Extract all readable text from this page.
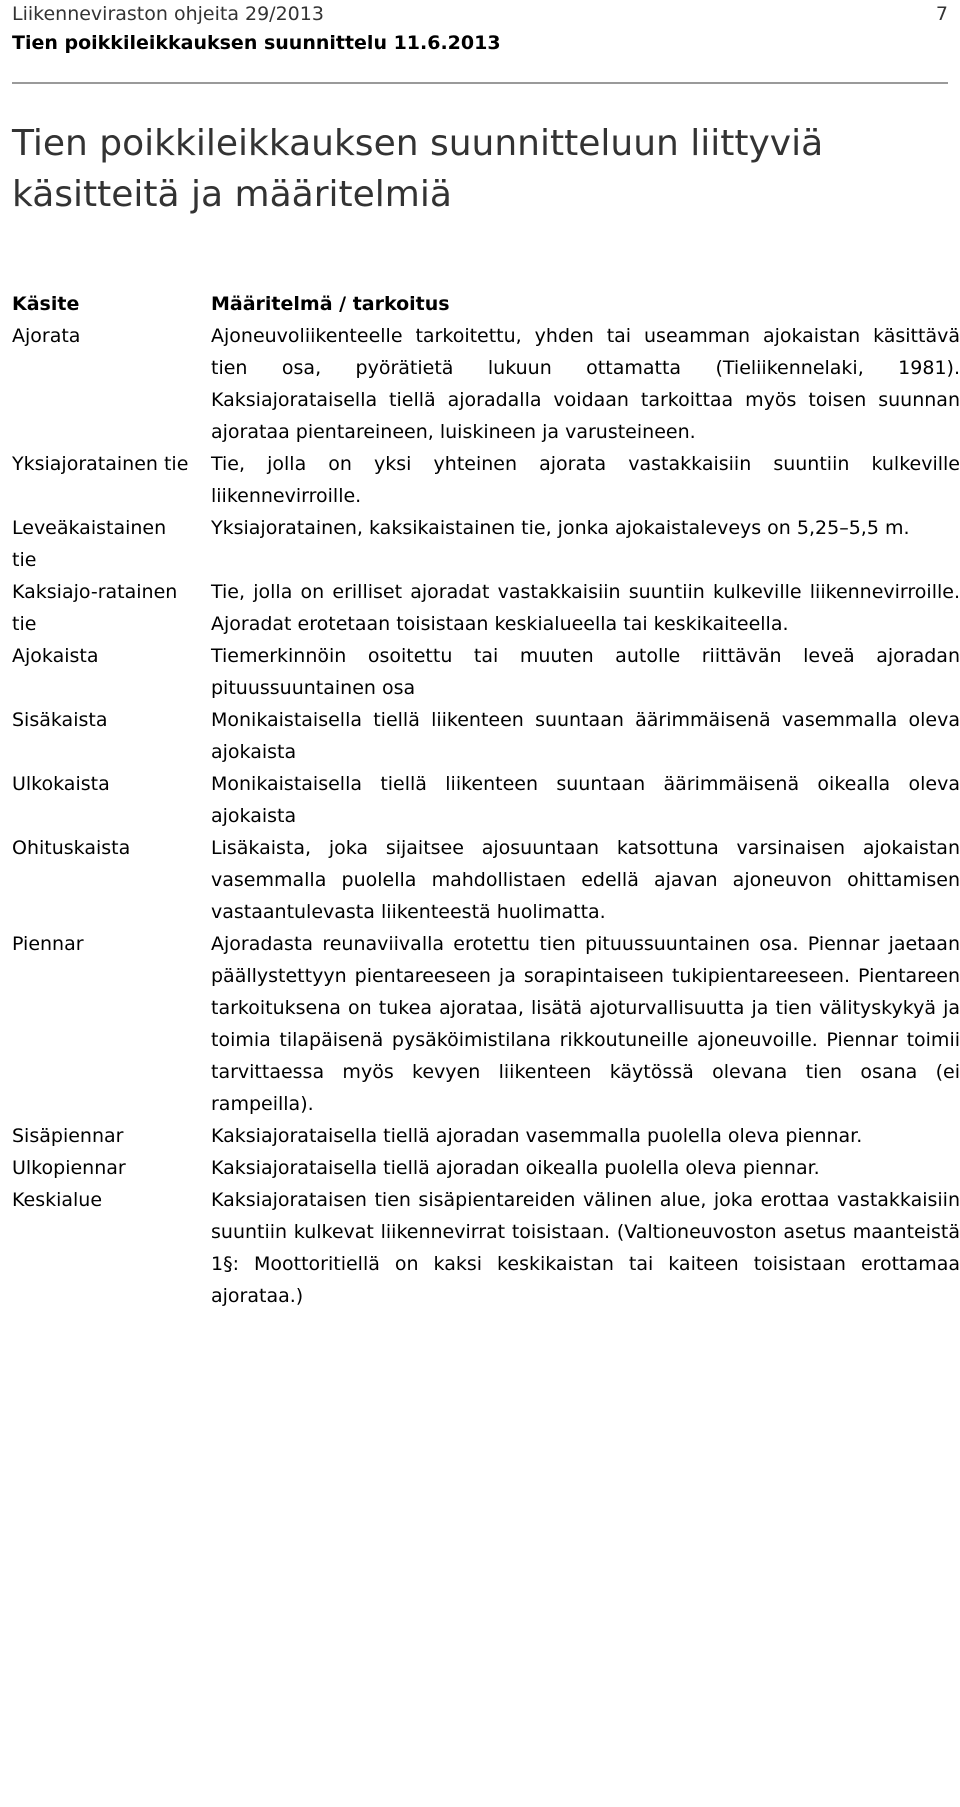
Liikenneviraston ohjeita 29/2013
Tien poikkileikkauksen suunnittelu 11.6.2013
7
Tien poikkileikkauksen suunnitteluun liittyviä käsitteitä ja määritelmiä
Käsite	Määritelmä / tarkoitus
Ajorata	Ajoneuvoliikenteelle tarkoitettu, yhden tai useamman ajokaistan käsittävä tien osa, pyörätietä lukuun ottamatta (Tieliikennelaki, 1981). Kaksiajorataisella tiellä ajoradalla voidaan tarkoittaa myös toisen suunnan ajorataa pientareineen, luiskineen ja varusteineen.
Yksiajoratainen tie	Tie, jolla on yksi yhteinen ajorata vastakkaisiin suuntiin kulkeville liikennevirroille.
Leveäkaistainen tie	Yksiajoratainen, kaksikaistainen tie, jonka ajokaistaleveys on 5,25–5,5 m.
Kaksiajo-ratainen tie	Tie, jolla on erilliset ajoradat vastakkaisiin suuntiin kulkeville liikennevirroille. Ajoradat erotetaan toisistaan keskialueella tai keskikaiteella.
Ajokaista	Tiemerkinnöin osoitettu tai muuten autolle riittävän leveä ajoradan pituussuuntainen osa
Sisäkaista	Monikaistaisella tiellä liikenteen suuntaan äärimmäisenä vasemmalla oleva ajokaista
Ulkokaista	Monikaistaisella tiellä liikenteen suuntaan äärimmäisenä oikealla oleva ajokaista
Ohituskaista	Lisäkaista, joka sijaitsee ajosuuntaan katsottuna varsinaisen ajokaistan vasemmalla puolella mahdollistaen edellä ajavan ajoneuvon ohittamisen vastaantulevasta liikenteestä huolimatta.
Piennar	Ajoradasta reunaviivalla erotettu tien pituussuuntainen osa. Piennar jaetaan päällystettyyn pientareeseen ja sorapintaiseen tukipientareeseen. Pientareen tarkoituksena on tukea ajorataa, lisätä ajoturvallisuutta ja tien välityskykyä ja toimia tilapäisenä pysäköimistilana rikkoutuneille ajoneuvoille. Piennar toimii tarvittaessa myös kevyen liikenteen käytössä olevana tien osana (ei rampeilla).
Sisäpiennar	Kaksiajorataisella tiellä ajoradan vasemmalla puolella oleva piennar.
Ulkopiennar	Kaksiajorataisella tiellä ajoradan oikealla puolella oleva piennar.
Keskialue	Kaksiajorataisen tien sisäpientareiden välinen alue, joka erottaa vastakkaisiin suuntiin kulkevat liikennevirrat toisistaan. (Valtioneuvoston asetus maanteistä 1§: Moottoritiellä on kaksi keskikaistan tai kaiteen toisistaan erottamaa ajorataa.)
